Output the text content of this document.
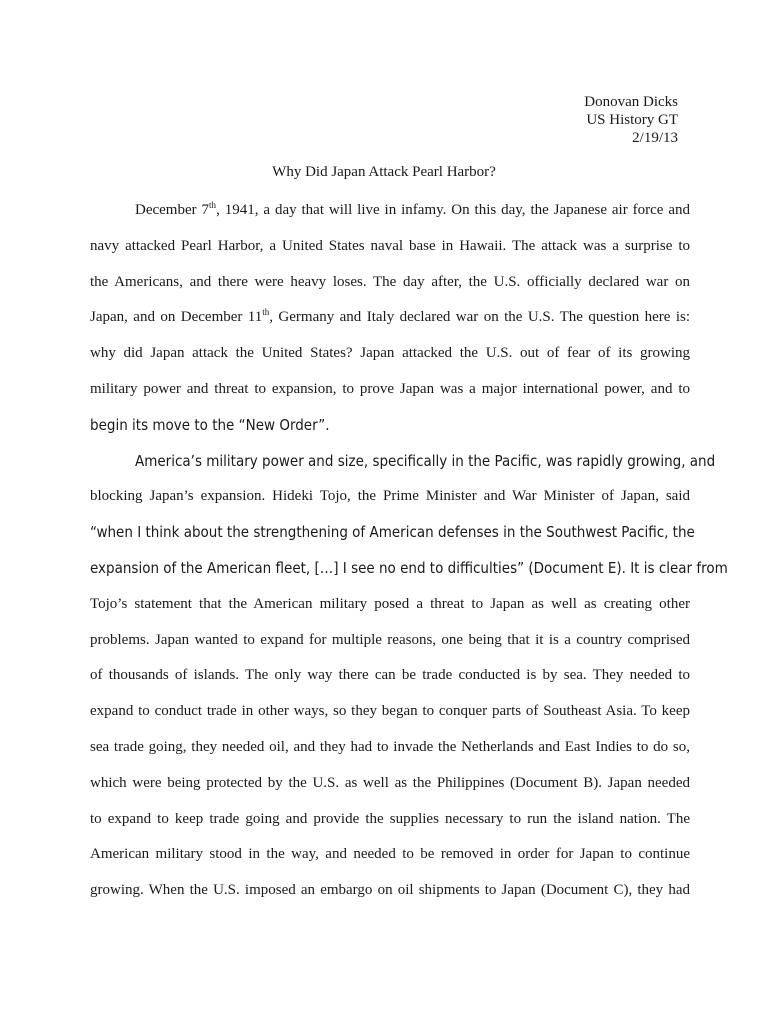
Donovan Dicks
US History GT
2/19/13
Why Did Japan Attack Pearl Harbor?
December 7th, 1941, a day that will live in infamy. On this day, the Japanese air force and
navy attacked Pearl Harbor, a United States naval base in Hawaii. The attack was a surprise to
the Americans, and there were heavy loses. The day after, the U.S. officially declared war on
Japan, and on December 11th, Germany and Italy declared war on the U.S. The question here is:
why did Japan attack the United States? Japan attacked the U.S. out of fear of its growing
military power and threat to expansion, to prove Japan was a major international power, and to
begin its move to the “New Order”.
America’s military power and size, specifically in the Pacific, was rapidly growing, and
blocking Japan’s expansion. Hideki Tojo, the Prime Minister and War Minister of Japan, said
“when I think about the strengthening of American defenses in the Southwest Pacific, the
expansion of the American fleet, […] I see no end to difficulties” (Document E). It is clear from
Tojo’s statement that the American military posed a threat to Japan as well as creating other
problems. Japan wanted to expand for multiple reasons, one being that it is a country comprised
of thousands of islands. The only way there can be trade conducted is by sea. They needed to
expand to conduct trade in other ways, so they began to conquer parts of Southeast Asia. To keep
sea trade going, they needed oil, and they had to invade the Netherlands and East Indies to do so,
which were being protected by the U.S. as well as the Philippines (Document B). Japan needed
to expand to keep trade going and provide the supplies necessary to run the island nation. The
American military stood in the way, and needed to be removed in order for Japan to continue
growing. When the U.S. imposed an embargo on oil shipments to Japan (Document C), they had
